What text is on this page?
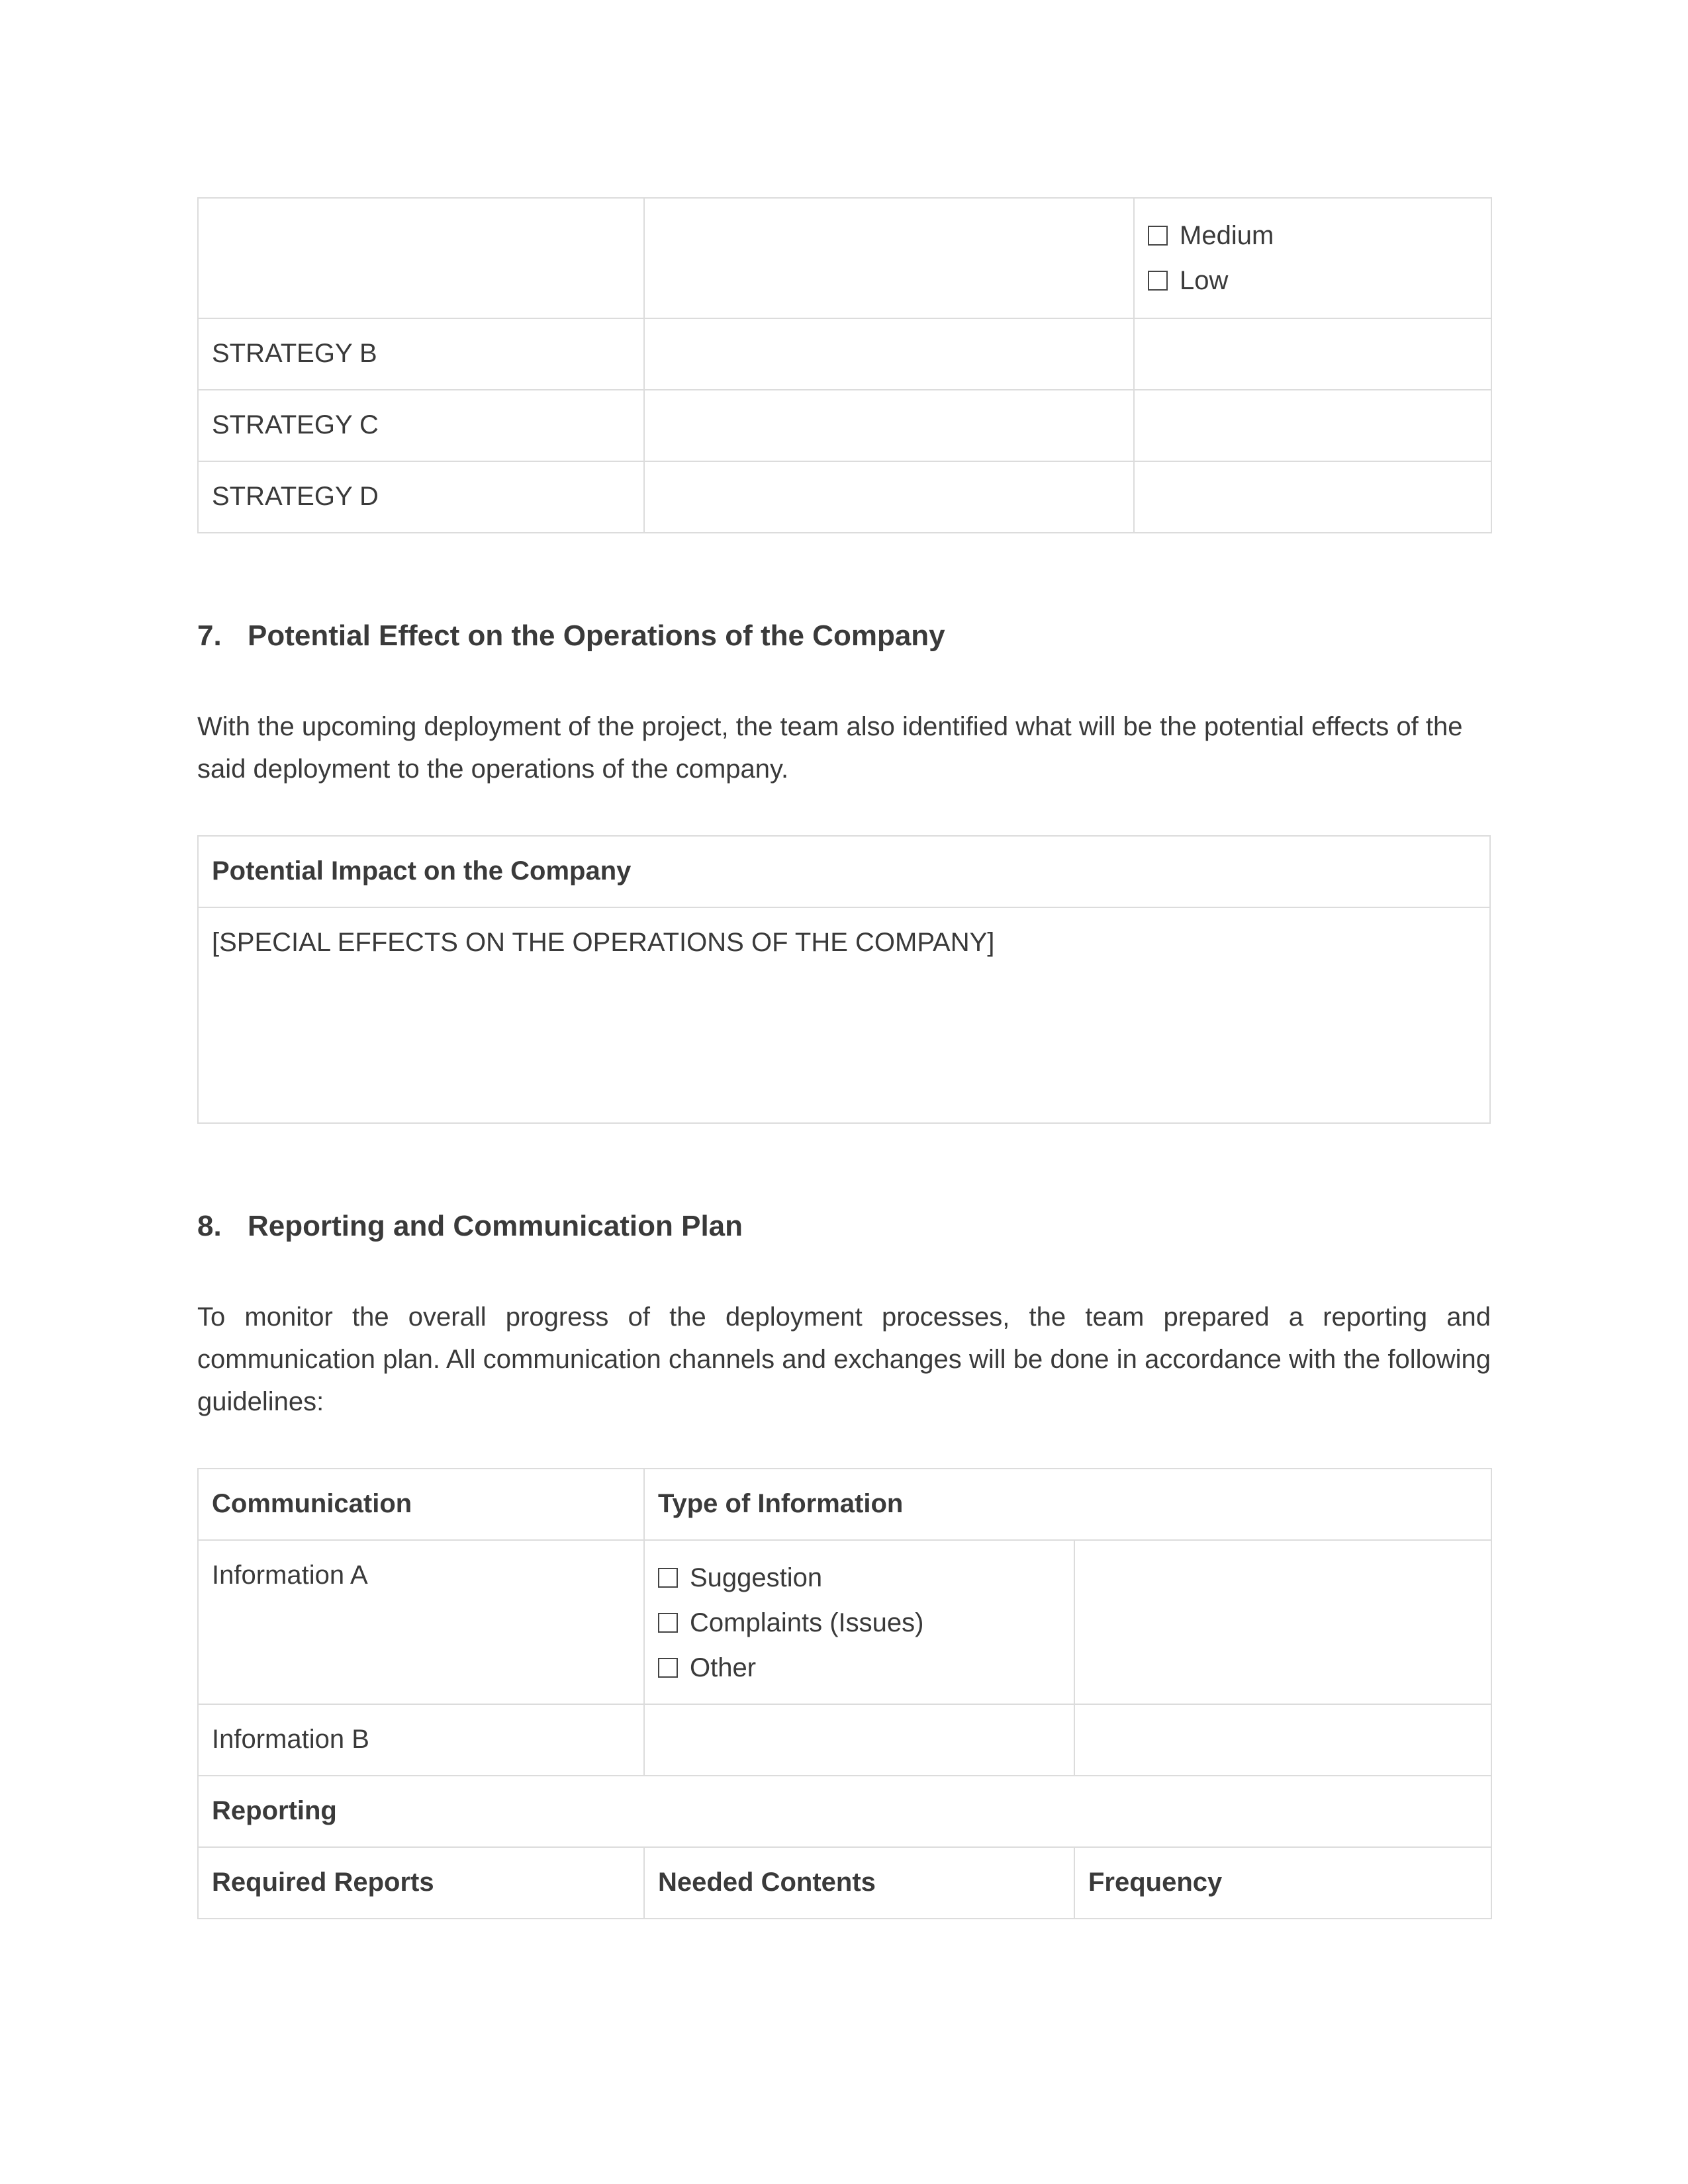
		Medium
Low

STRATEGY B		
STRATEGY C		
STRATEGY D		
7. Potential Effect on the Operations of the Company

With the upcoming deployment of the project, the team also identified what will be the potential effects of the said deployment to the operations of the company.

Potential Impact on the Company
[SPECIAL EFFECTS ON THE OPERATIONS OF THE COMPANY]
8. Reporting and Communication Plan

To monitor the overall progress of the deployment processes, the team prepared a reporting and communication plan. All communication channels and exchanges will be done in accordance with the following guidelines:

Communication	Type of Information	
Information A	Suggestion
Complaints (Issues)
Other	

Information B		
Reporting		
Required Reports	Needed Contents	Frequency
